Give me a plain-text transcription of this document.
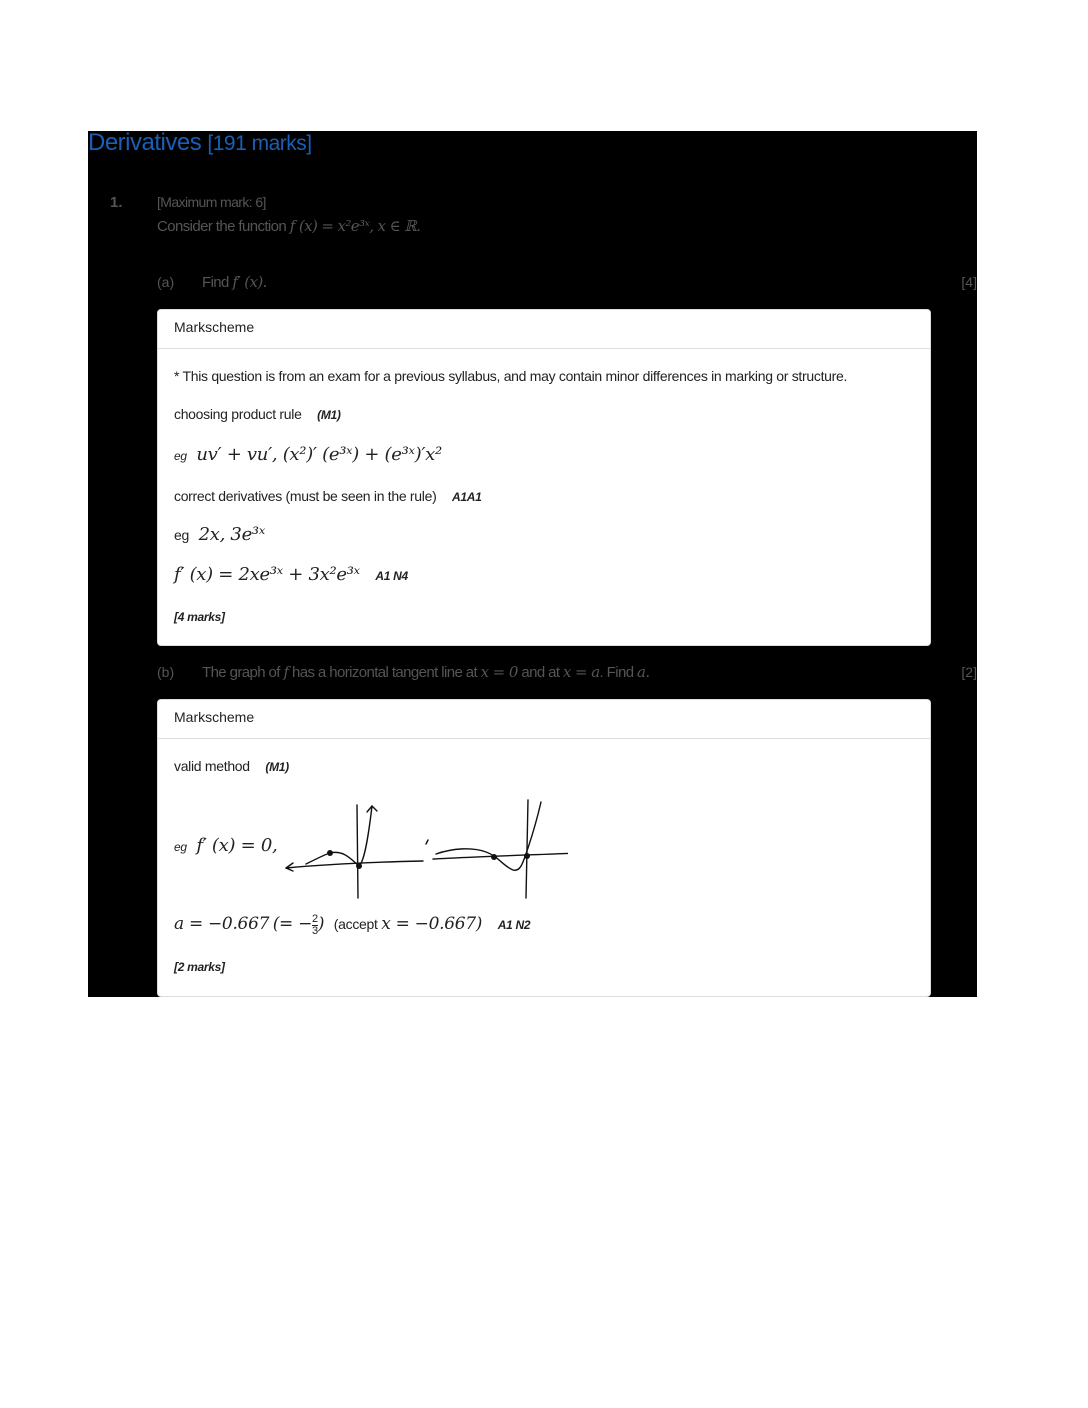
Derivatives [191 marks]
1. [Maximum mark: 6]
Consider the function f (x) = x²e³ˣ, x ∈ ℝ.
(a) Find f′ (x).	[4]
Markscheme
* This question is from an exam for a previous syllabus, and may contain minor differences in marking or structure.
choosing product rule (M1)
eg uv′ + vu′, (x²)′ (e³ˣ) + (e³ˣ)′x²
correct derivatives (must be seen in the rule) A1A1
eg 2x, 3e³ˣ
f′ (x) = 2xe³ˣ + 3x²e³ˣ A1 N4
[4 marks]
(b) The graph of f has a horizontal tangent line at x = 0 and at x = a. Find a.	[2]
Markscheme
valid method (M1)
eg f′ (x) = 0,
a = −0.667 (= − $\frac{2}{3}$ ) (accept x = −0.667) A1 N2
[2 marks]
